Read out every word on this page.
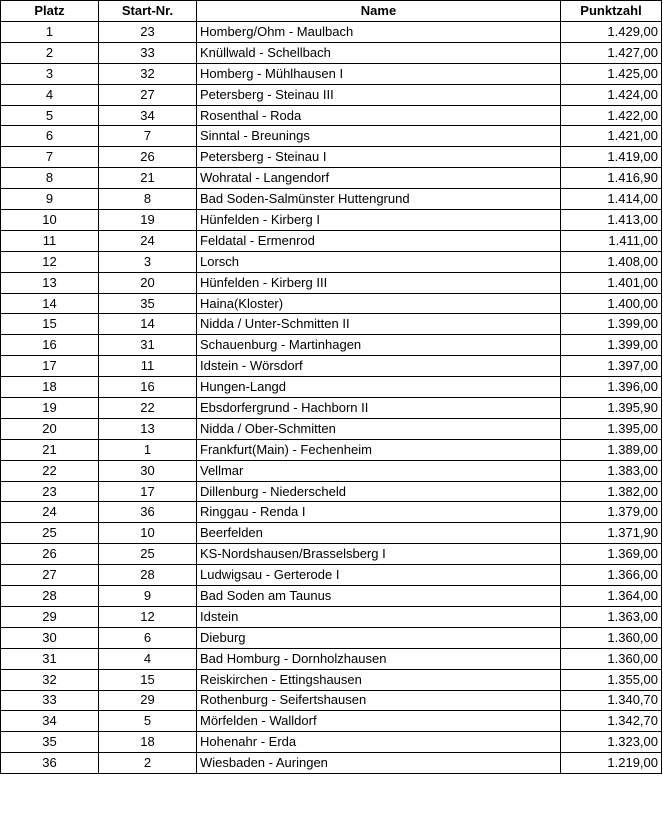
Platz	Start-Nr.	Name	Punktzahl
1	23	Homberg/Ohm - Maulbach	1.429,00
2	33	Knüllwald - Schellbach	1.427,00
3	32	Homberg - Mühlhausen I	1.425,00
4	27	Petersberg - Steinau III	1.424,00
5	34	Rosenthal - Roda	1.422,00
6	7	Sinntal - Breunings	1.421,00
7	26	Petersberg - Steinau I	1.419,00
8	21	Wohratal - Langendorf	1.416,90
9	8	Bad Soden-Salmünster Huttengrund	1.414,00
10	19	Hünfelden - Kirberg I	1.413,00
11	24	Feldatal - Ermenrod	1.411,00
12	3	Lorsch	1.408,00
13	20	Hünfelden - Kirberg III	1.401,00
14	35	Haina(Kloster)	1.400,00
15	14	Nidda / Unter-Schmitten II	1.399,00
16	31	Schauenburg - Martinhagen	1.399,00
17	11	Idstein - Wörsdorf	1.397,00
18	16	Hungen-Langd	1.396,00
19	22	Ebsdorfergrund - Hachborn II	1.395,90
20	13	Nidda / Ober-Schmitten	1.395,00
21	1	Frankfurt(Main) - Fechenheim	1.389,00
22	30	Vellmar	1.383,00
23	17	Dillenburg - Niederscheld	1.382,00
24	36	Ringgau - Renda I	1.379,00
25	10	Beerfelden	1.371,90
26	25	KS-Nordshausen/Brasselsberg I	1.369,00
27	28	Ludwigsau - Gerterode I	1.366,00
28	9	Bad Soden am Taunus	1.364,00
29	12	Idstein	1.363,00
30	6	Dieburg	1.360,00
31	4	Bad Homburg - Dornholzhausen	1.360,00
32	15	Reiskirchen - Ettingshausen	1.355,00
33	29	Rothenburg - Seifertshausen	1.340,70
34	5	Mörfelden - Walldorf	1.342,70
35	18	Hohenahr - Erda	1.323,00
36	2	Wiesbaden - Auringen	1.219,00
